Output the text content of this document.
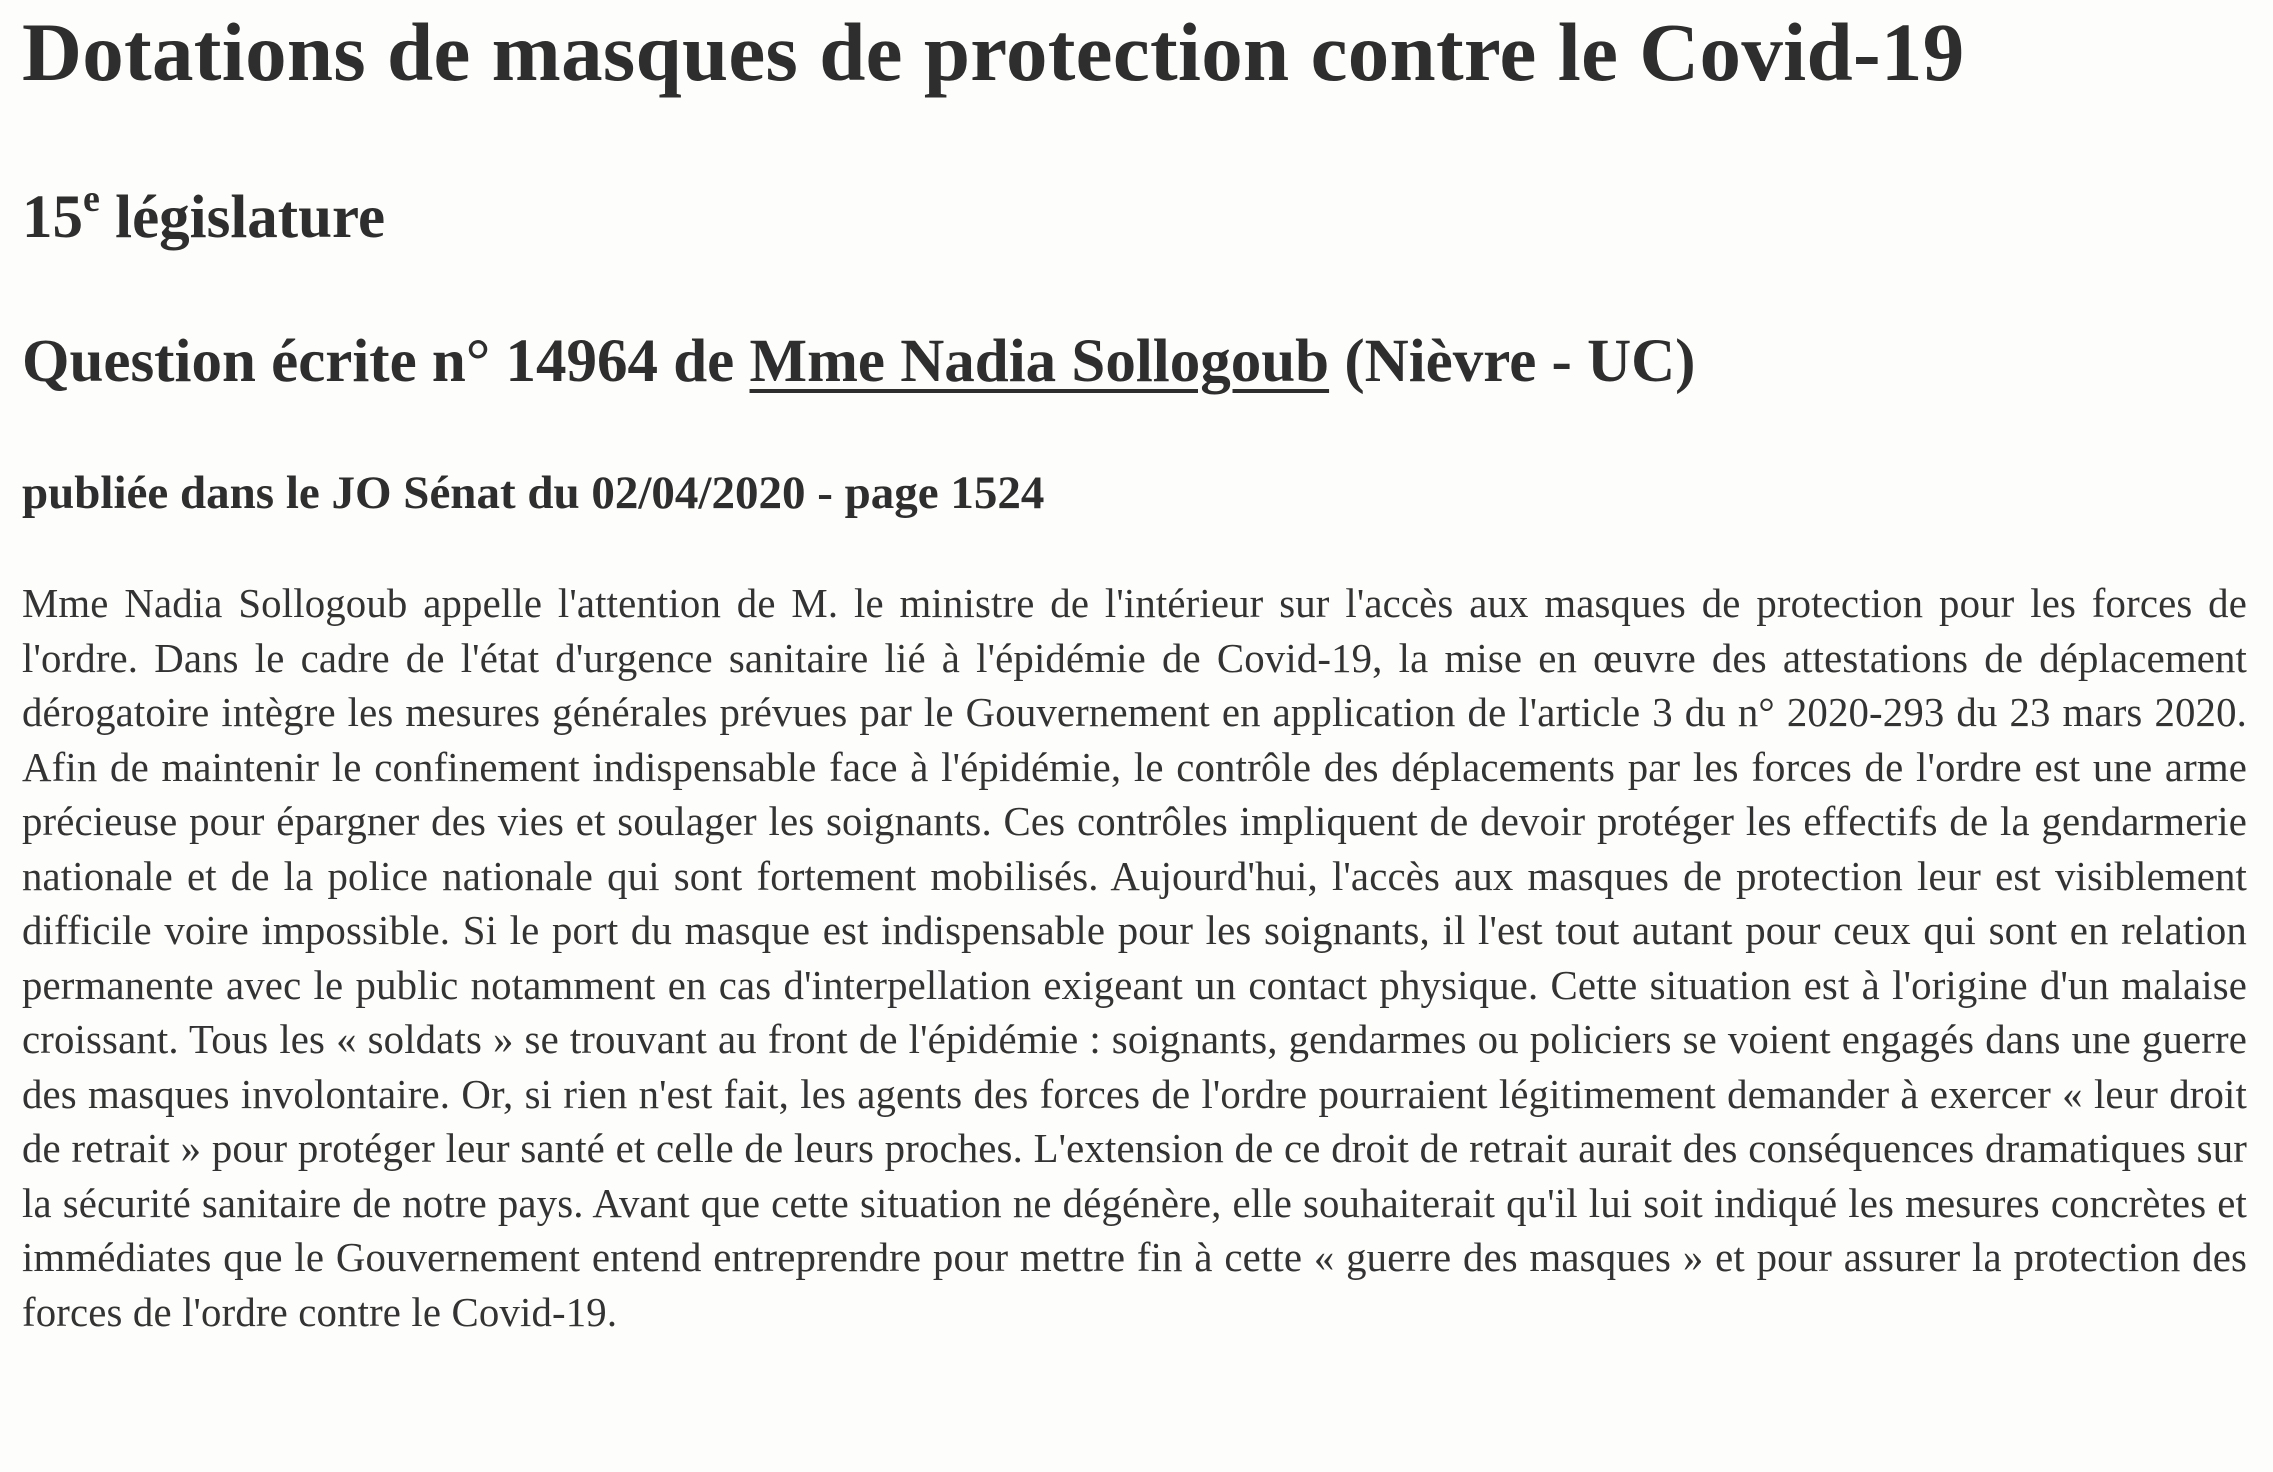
Dotations de masques de protection contre le Covid-19
15e législature
Question écrite n° 14964 de Mme Nadia Sollogoub (Nièvre - UC)
publiée dans le JO Sénat du 02/04/2020 - page 1524

Mme Nadia Sollogoub appelle l'attention de M. le ministre de l'intérieur sur l'accès aux masques de protection pour les forces de l'ordre. Dans le cadre de l'état d'urgence sanitaire lié à l'épidémie de Covid-19, la mise en œuvre des attestations de déplacement dérogatoire intègre les mesures générales prévues par le Gouvernement en application de l'article 3 du n° 2020-293 du 23 mars 2020. Afin de maintenir le confinement indispensable face à l'épidémie, le contrôle des déplacements par les forces de l'ordre est une arme précieuse pour épargner des vies et soulager les soignants. Ces contrôles impliquent de devoir protéger les effectifs de la gendarmerie nationale et de la police nationale qui sont fortement mobilisés. Aujourd'hui, l'accès aux masques de protection leur est visiblement difficile voire impossible. Si le port du masque est indispensable pour les soignants, il l'est tout autant pour ceux qui sont en relation permanente avec le public notamment en cas d'interpellation exigeant un contact physique. Cette situation est à l'origine d'un malaise croissant. Tous les « soldats » se trouvant au front de l'épidémie : soignants, gendarmes ou policiers se voient engagés dans une guerre des masques involontaire. Or, si rien n'est fait, les agents des forces de l'ordre pourraient légitimement demander à exercer « leur droit de retrait » pour protéger leur santé et celle de leurs proches. L'extension de ce droit de retrait aurait des conséquences dramatiques sur la sécurité sanitaire de notre pays. Avant que cette situation ne dégénère, elle souhaiterait qu'il lui soit indiqué les mesures concrètes et immédiates que le Gouvernement entend entreprendre pour mettre fin à cette « guerre des masques » et pour assurer la protection des forces de l'ordre contre le Covid-19.
